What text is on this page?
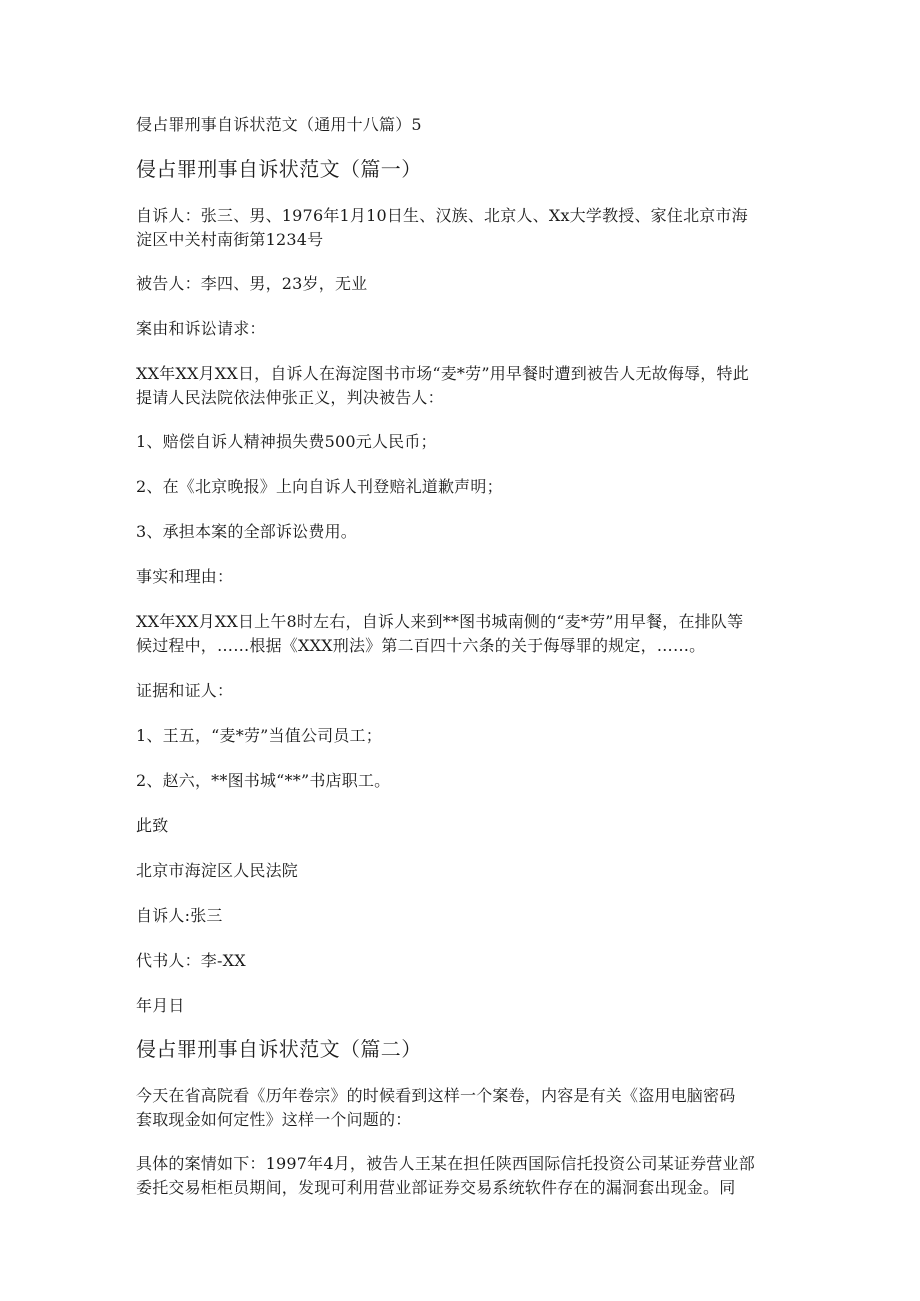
侵占罪刑事自诉状范文（通用十八篇）5
侵占罪刑事自诉状范文（篇一）
自诉人：张三、男、1976年1月10日生、汉族、北京人、Xx大学教授、家住北京市海
淀区中关村南街第1234号
被告人：李四、男，23岁，无业
案由和诉讼请求：
XX年XX月XX日，自诉人在海淀图书市场“麦*劳”用早餐时遭到被告人无故侮辱，特此
提请人民法院依法伸张正义，判决被告人：
1、赔偿自诉人精神损失费500元人民币；
2、在《北京晚报》上向自诉人刊登赔礼道歉声明；
3、承担本案的全部诉讼费用。
事实和理由：
XX年XX月XX日上午8时左右，自诉人来到**图书城南侧的“麦*劳”用早餐，在排队等
候过程中，……根据《XXX刑法》第二百四十六条的关于侮辱罪的规定，……。
证据和证人：
1、王五，“麦*劳”当值公司员工；
2、赵六，**图书城“**”书店职工。
此致
北京市海淀区人民法院
自诉人:张三
代书人：李-XX
年月日
侵占罪刑事自诉状范文（篇二）
今天在省高院看《历年卷宗》的时候看到这样一个案卷，内容是有关《盗用电脑密码
套取现金如何定性》这样一个问题的：
具体的案情如下：1997年4月，被告人王某在担任陕西国际信托投资公司某证券营业部
委托交易柜柜员期间，发现可利用营业部证券交易系统软件存在的漏洞套出现金。同
